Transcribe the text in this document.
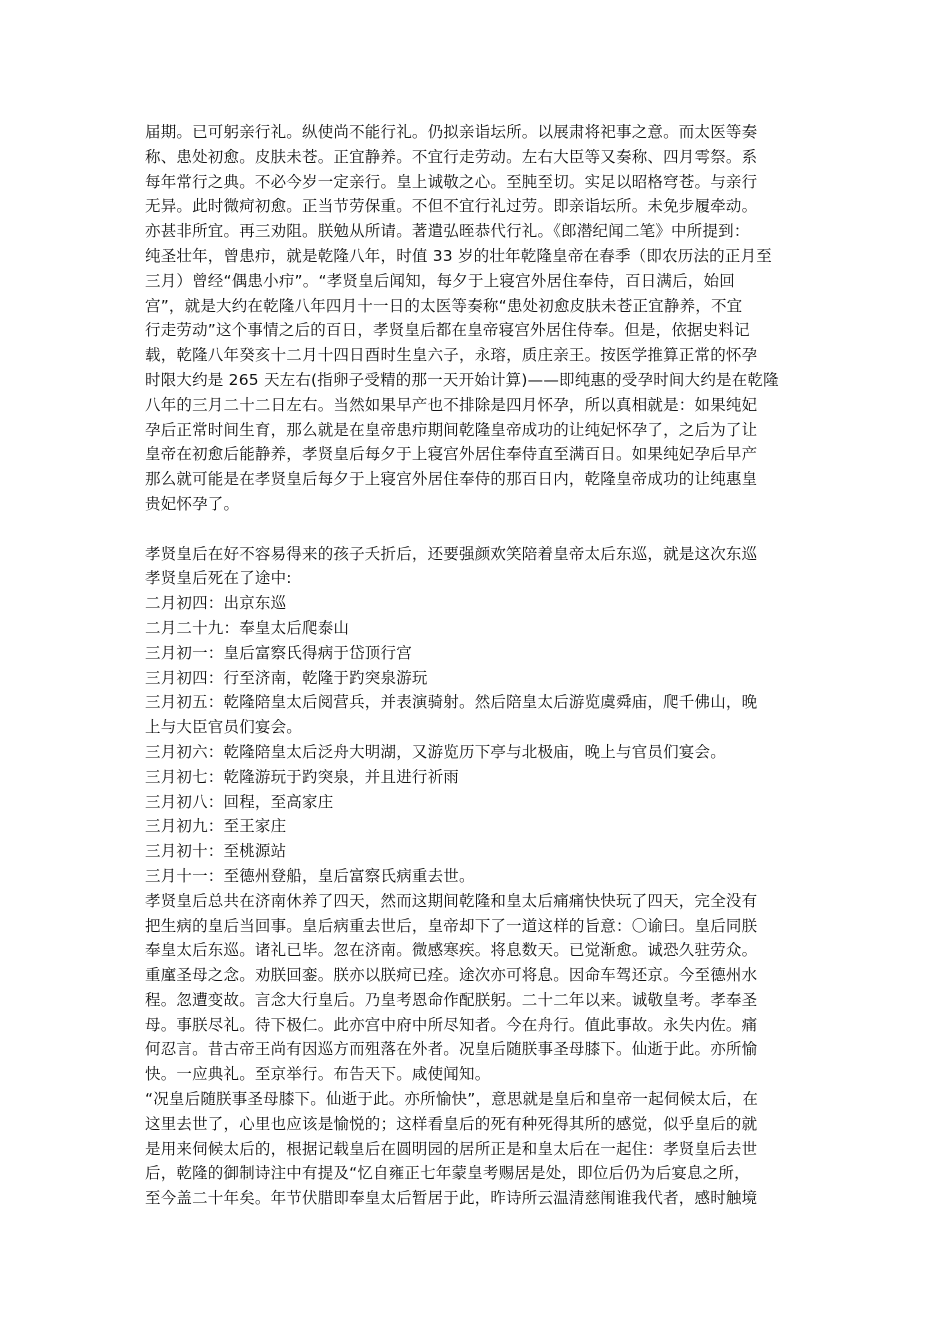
届期。已可躬亲行礼。纵使尚不能行礼。仍拟亲诣坛所。以展肃将祀事之意。而太医等奏

称、患处初愈。皮肤未苍。正宜静养。不宜行走劳动。左右大臣等又奏称、四月雩祭。系

每年常行之典。不必今岁一定亲行。皇上诚敬之心。至肫至切。实足以昭格穹苍。与亲行

无异。此时微疴初愈。正当节劳保重。不但不宜行礼过劳。即亲诣坛所。未免步履牵动。

亦甚非所宜。再三劝阻。朕勉从所请。著遣弘晊恭代行礼。《郎潜纪闻二笔》中所提到：

纯圣壮年，曾患疖，就是乾隆八年，时值 33 岁的壮年乾隆皇帝在春季（即农历法的正月至

三月）曾经“偶患小疖”。“孝贤皇后闻知，每夕于上寝宫外居住奉侍，百日满后，始回

宫”，就是大约在乾隆八年四月十一日的太医等奏称“患处初愈皮肤未苍正宜静养，不宜

行走劳动”这个事情之后的百日，孝贤皇后都在皇帝寝宫外居住侍奉。但是，依据史料记

载，乾隆八年癸亥十二月十四日酉时生皇六子，永瑢，质庄亲王。按医学推算正常的怀孕

时限大约是 265 天左右(指卵子受精的那一天开始计算)——即纯惠的受孕时间大约是在乾隆

八年的三月二十二日左右。当然如果早产也不排除是四月怀孕，所以真相就是：如果纯妃

孕后正常时间生育，那么就是在皇帝患疖期间乾隆皇帝成功的让纯妃怀孕了，之后为了让

皇帝在初愈后能静养，孝贤皇后每夕于上寝宫外居住奉侍直至满百日。如果纯妃孕后早产

那么就可能是在孝贤皇后每夕于上寝宫外居住奉侍的那百日内，乾隆皇帝成功的让纯惠皇

贵妃怀孕了。

孝贤皇后在好不容易得来的孩子夭折后，还要强颜欢笑陪着皇帝太后东巡，就是这次东巡

孝贤皇后死在了途中:

二月初四：出京东巡

二月二十九：奉皇太后爬泰山

三月初一：皇后富察氏得病于岱顶行宫

三月初四：行至济南，乾隆于趵突泉游玩

三月初五：乾隆陪皇太后阅营兵，并表演骑射。然后陪皇太后游览虞舜庙，爬千佛山，晚

上与大臣官员们宴会。

三月初六：乾隆陪皇太后泛舟大明湖，又游览历下亭与北极庙，晚上与官员们宴会。

三月初七：乾隆游玩于趵突泉，并且进行祈雨

三月初八：回程，至高家庄

三月初九：至王家庄

三月初十：至桃源站

三月十一：至德州登船，皇后富察氏病重去世。

孝贤皇后总共在济南休养了四天，然而这期间乾隆和皇太后痛痛快快玩了四天，完全没有

把生病的皇后当回事。皇后病重去世后，皇帝却下了一道这样的旨意：〇谕曰。皇后同朕

奉皇太后东巡。诸礼已毕。忽在济南。微感寒疾。将息数天。已觉渐愈。诚恐久驻劳众。

重廑圣母之念。劝朕回銮。朕亦以朕疴已痊。途次亦可将息。因命车驾还京。今至德州水

程。忽遭变故。言念大行皇后。乃皇考恩命作配朕躬。二十二年以来。诚敬皇考。孝奉圣

母。事朕尽礼。待下极仁。此亦宫中府中所尽知者。今在舟行。值此事故。永失内佐。痛

何忍言。昔古帝王尚有因巡方而殂落在外者。况皇后随朕事圣母膝下。仙逝于此。亦所愉

快。一应典礼。至京举行。布告天下。咸使闻知。

“况皇后随朕事圣母膝下。仙逝于此。亦所愉快”，意思就是皇后和皇帝一起伺候太后，在

这里去世了，心里也应该是愉悦的；这样看皇后的死有种死得其所的感觉，似乎皇后的就

是用来伺候太后的，根据记载皇后在圆明园的居所正是和皇太后在一起住：孝贤皇后去世

后，乾隆的御制诗注中有提及“忆自雍正七年蒙皇考赐居是处，即位后仍为后宴息之所，

至今盖二十年矣。年节伏腊即奉皇太后暂居于此，昨诗所云温清慈闱谁我代者，感时触境
